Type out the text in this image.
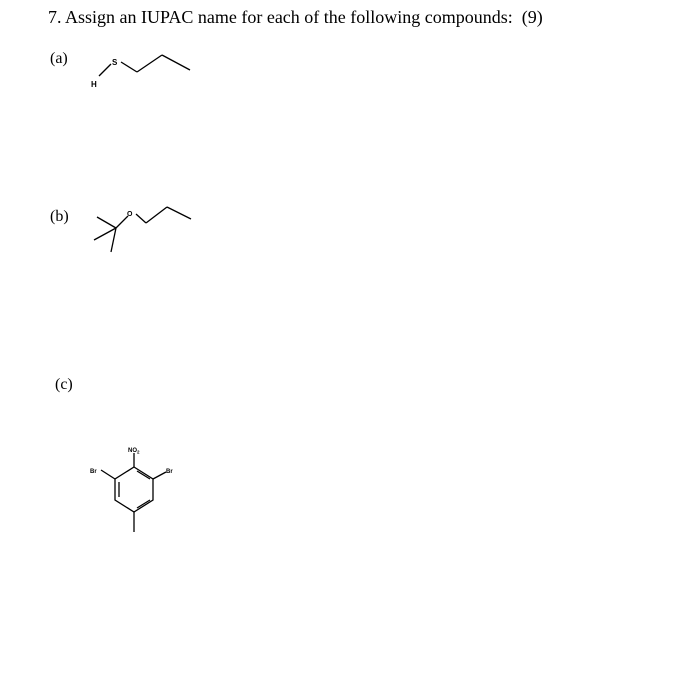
7. Assign an IUPAC name for each of the following compounds: (9)
(a)
(b)
(c)
S
H
O
$NO_2$
Br	Br
